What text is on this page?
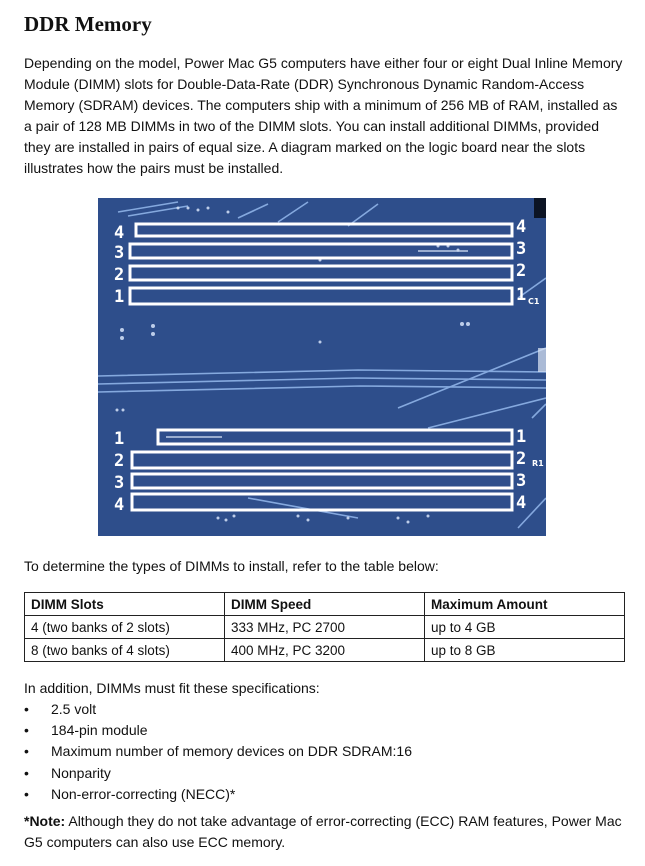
DDR Memory

Depending on the model, Power Mac G5 computers have either four or eight Dual Inline Memory Module (DIMM) slots for Double-Data-Rate (DDR) Synchronous Dynamic Random-Access Memory (SDRAM) devices. The computers ship with a minimum of 256 MB of RAM, installed as a pair of 128 MB DIMMs in two of the DIMM slots. You can install additional DIMMs, provided they are installed in pairs of equal size. A diagram marked on the logic board near the slots illustrates how the pairs must be installed.

4
3
2
1
4
3
2
1
1
2
3
4
1
2
3
4
C1
R1

To determine the types of DIMMs to install, refer to the table below:

DIMM Slots	DIMM Speed	Maximum Amount
4 (two banks of 2 slots)	333 MHz, PC 2700	up to 4 GB
8 (two banks of 4 slots)	400 MHz, PC 3200	up to 8 GB

In addition, DIMMs must fit these specifications:

• 2.5 volt
• 184-pin module
• Maximum number of memory devices on DDR SDRAM:16
• Nonparity
• Non-error-correcting (NECC)*

*Note: Although they do not take advantage of error-correcting (ECC) RAM features, Power Mac G5 computers can also use ECC memory.
